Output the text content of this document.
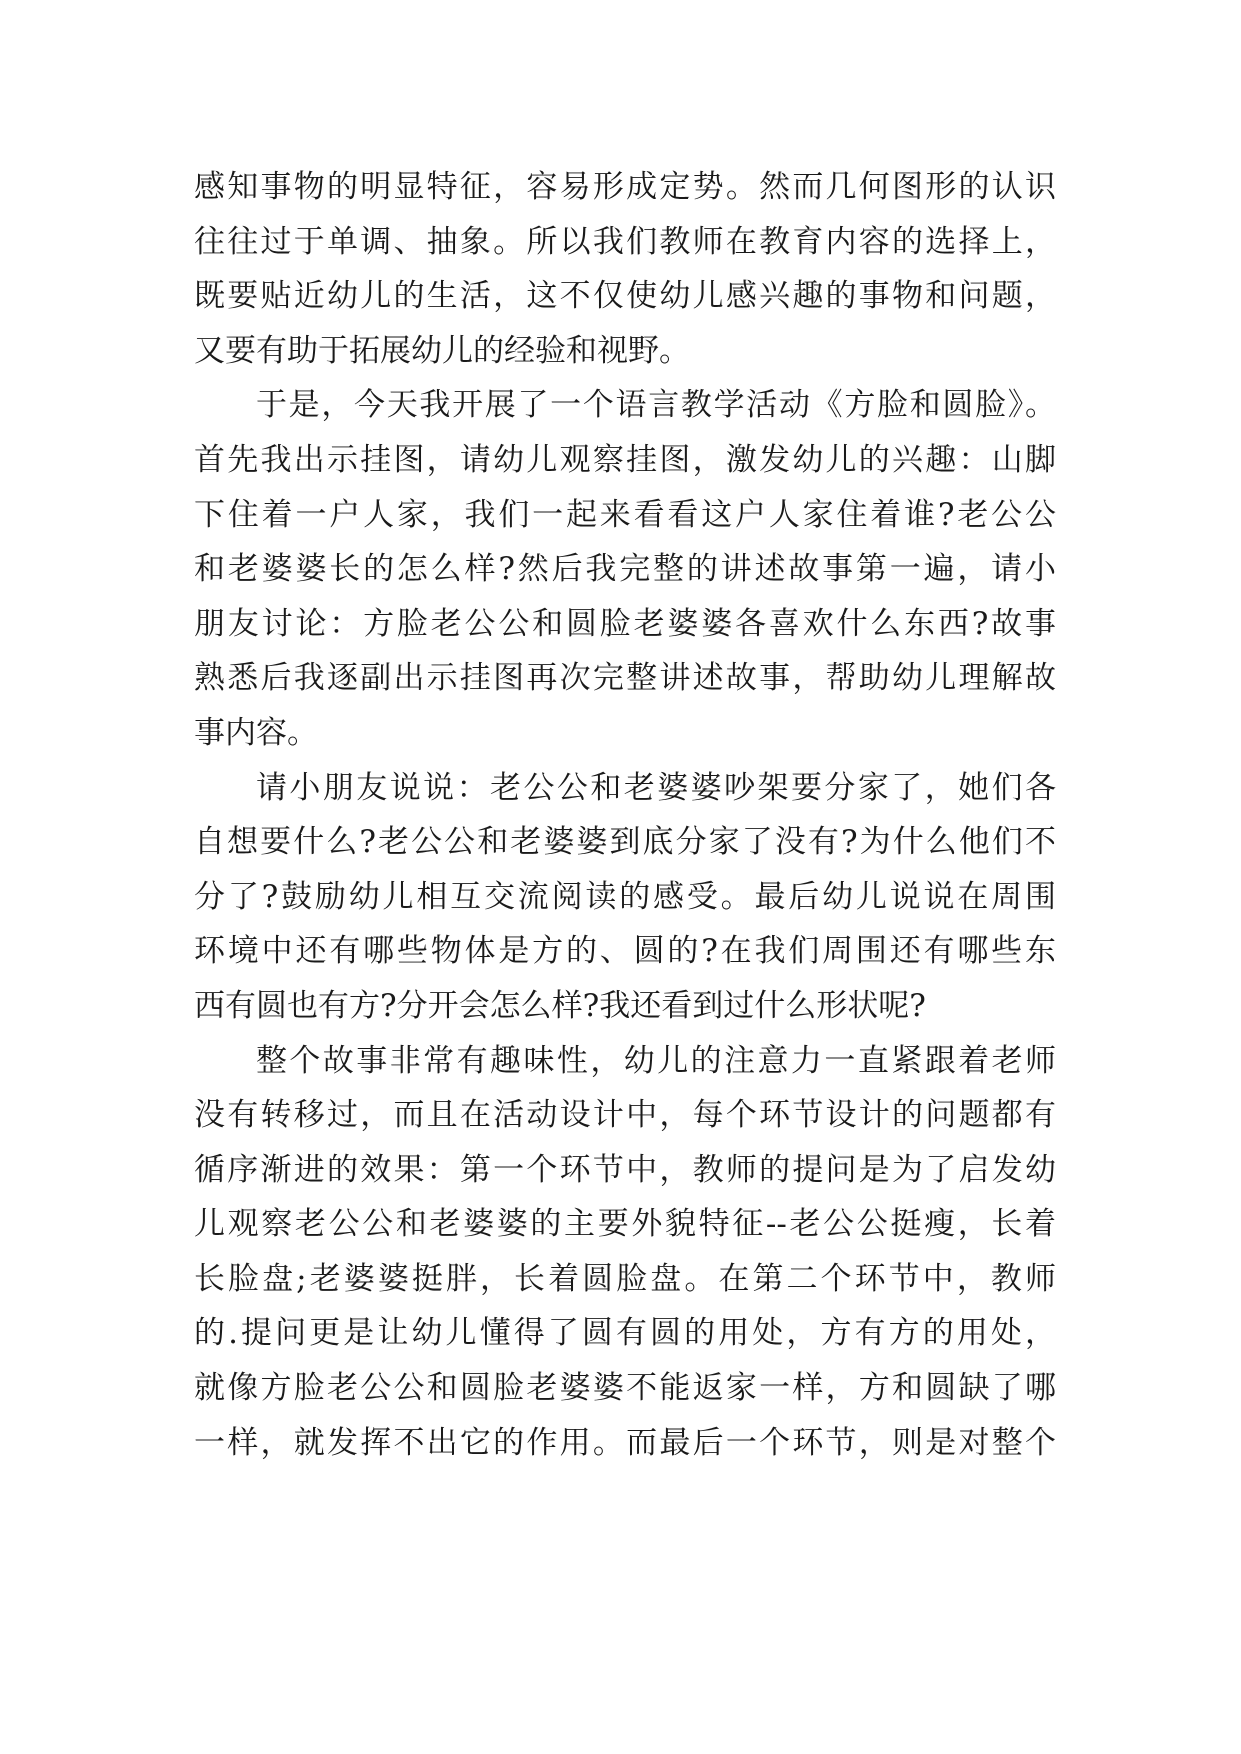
感知事物的明显特征，容易形成定势。然而几何图形的认识
往往过于单调、抽象。所以我们教师在教育内容的选择上，
既要贴近幼儿的生活，这不仅使幼儿感兴趣的事物和问题，
又要有助于拓展幼儿的经验和视野。
于是，今天我开展了一个语言教学活动《方脸和圆脸》。
首先我出示挂图，请幼儿观察挂图，激发幼儿的兴趣：山脚
下住着一户人家，我们一起来看看这户人家住着谁?老公公
和老婆婆长的怎么样?然后我完整的讲述故事第一遍，请小
朋友讨论：方脸老公公和圆脸老婆婆各喜欢什么东西?故事
熟悉后我逐副出示挂图再次完整讲述故事，帮助幼儿理解故
事内容。
请小朋友说说：老公公和老婆婆吵架要分家了，她们各
自想要什么?老公公和老婆婆到底分家了没有?为什么他们不
分了?鼓励幼儿相互交流阅读的感受。最后幼儿说说在周围
环境中还有哪些物体是方的、圆的?在我们周围还有哪些东
西有圆也有方?分开会怎么样?我还看到过什么形状呢?
整个故事非常有趣味性，幼儿的注意力一直紧跟着老师
没有转移过，而且在活动设计中，每个环节设计的问题都有
循序渐进的效果：第一个环节中，教师的提问是为了启发幼
儿观察老公公和老婆婆的主要外貌特征--老公公挺瘦，长着
长脸盘;老婆婆挺胖，长着圆脸盘。在第二个环节中，教师
的.提问更是让幼儿懂得了圆有圆的用处，方有方的用处，
就像方脸老公公和圆脸老婆婆不能返家一样，方和圆缺了哪
一样，就发挥不出它的作用。而最后一个环节，则是对整个
